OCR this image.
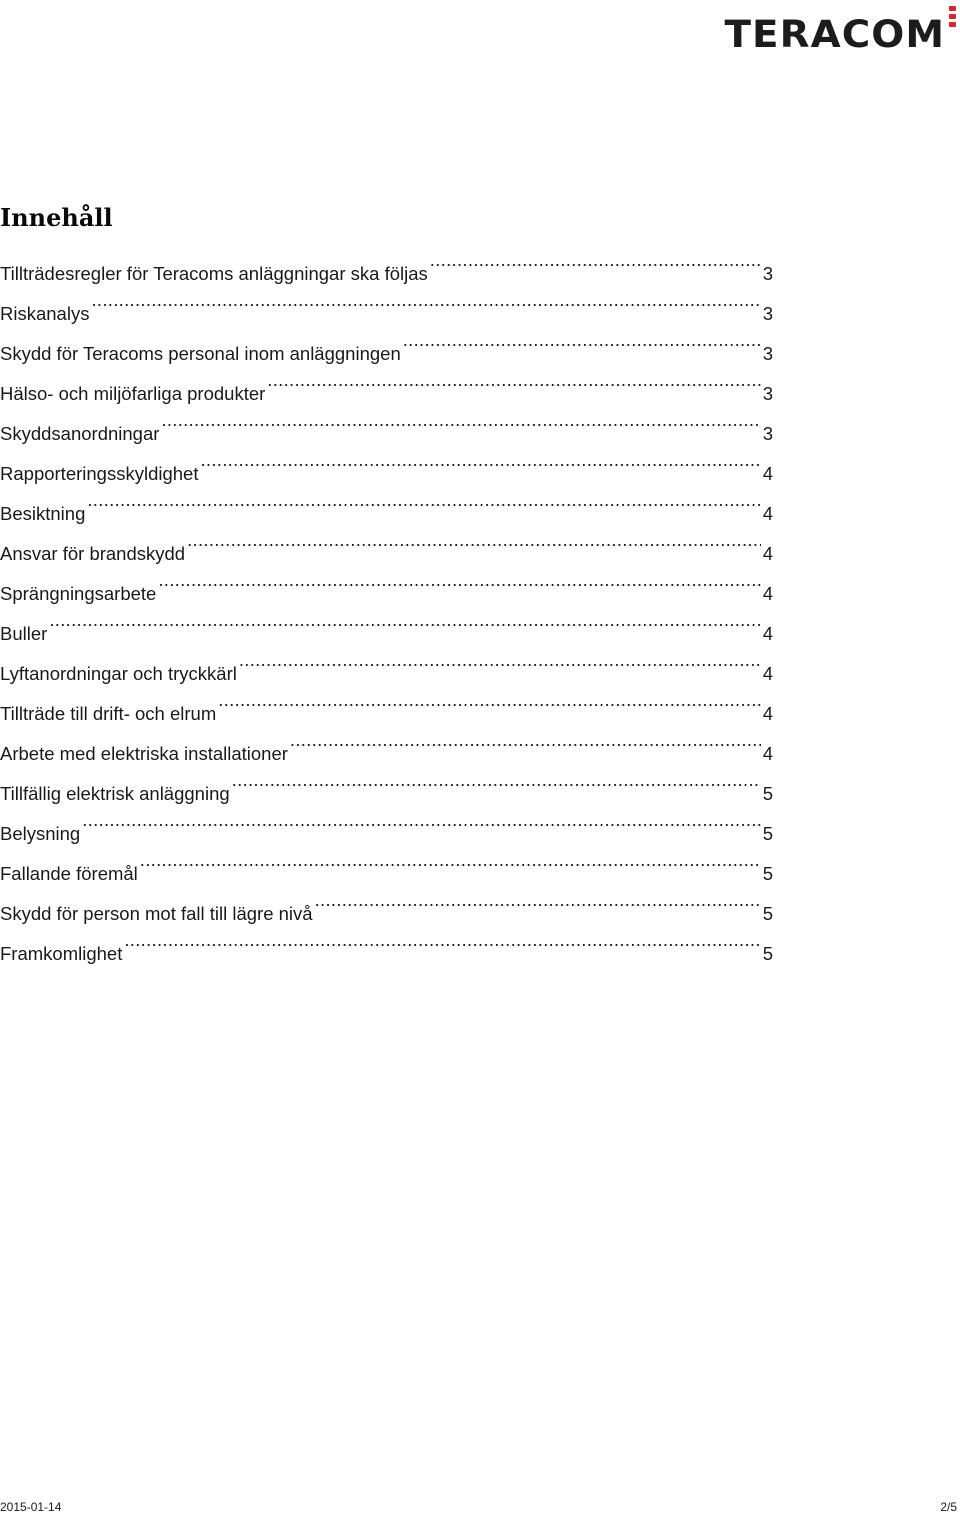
TERACOM
Innehåll
Tillträdesregler för Teracoms anläggningar ska följas .....	3
Riskanalys .....	3
Skydd för Teracoms personal inom anläggningen .....	3
Hälso- och miljöfarliga produkter .....	3
Skyddsanordningar .....	3
Rapporteringsskyldighet .....	4
Besiktning .....	4
Ansvar för brandskydd .....	4
Sprängningsarbete .....	4
Buller .....	4
Lyftanordningar och tryckkärl .....	4
Tillträde till drift- och elrum .....	4
Arbete med elektriska installationer .....	4
Tillfällig elektrisk anläggning .....	5
Belysning .....	5
Fallande föremål .....	5
Skydd för person mot fall till lägre nivå .....	5
Framkomlighet .....	5
2015-01-14	2/5
